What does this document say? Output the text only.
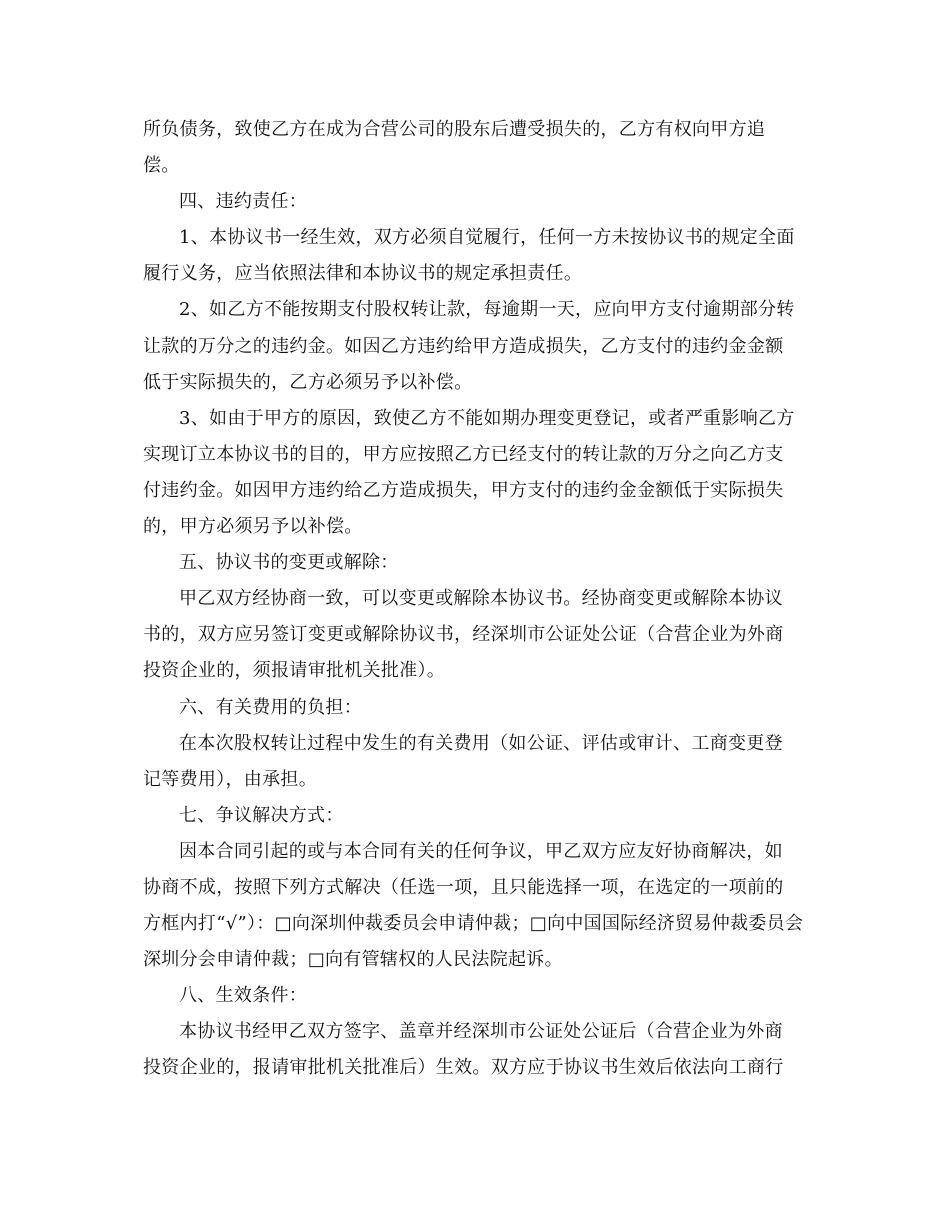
所负债务，致使乙方在成为合营公司的股东后遭受损失的，乙方有权向甲方追
偿。
四、违约责任：
1、本协议书一经生效，双方必须自觉履行，任何一方未按协议书的规定全面
履行义务，应当依照法律和本协议书的规定承担责任。
2、如乙方不能按期支付股权转让款，每逾期一天，应向甲方支付逾期部分转
让款的万分之的违约金。如因乙方违约给甲方造成损失，乙方支付的违约金金额
低于实际损失的，乙方必须另予以补偿。
3、如由于甲方的原因，致使乙方不能如期办理变更登记，或者严重影响乙方
实现订立本协议书的目的，甲方应按照乙方已经支付的转让款的万分之向乙方支
付违约金。如因甲方违约给乙方造成损失，甲方支付的违约金金额低于实际损失
的，甲方必须另予以补偿。
五、协议书的变更或解除：
甲乙双方经协商一致，可以变更或解除本协议书。经协商变更或解除本协议
书的，双方应另签订变更或解除协议书，经深圳市公证处公证（合营企业为外商
投资企业的，须报请审批机关批准）。
六、有关费用的负担：
在本次股权转让过程中发生的有关费用（如公证、评估或审计、工商变更登
记等费用），由承担。
七、争议解决方式：
因本合同引起的或与本合同有关的任何争议，甲乙双方应友好协商解决，如
协商不成，按照下列方式解决（任选一项，且只能选择一项，在选定的一项前的
方框内打“√”）：□向深圳仲裁委员会申请仲裁；□向中国国际经济贸易仲裁委员会
深圳分会申请仲裁；□向有管辖权的人民法院起诉。
八、生效条件：
本协议书经甲乙双方签字、盖章并经深圳市公证处公证后（合营企业为外商
投资企业的，报请审批机关批准后）生效。双方应于协议书生效后依法向工商行
